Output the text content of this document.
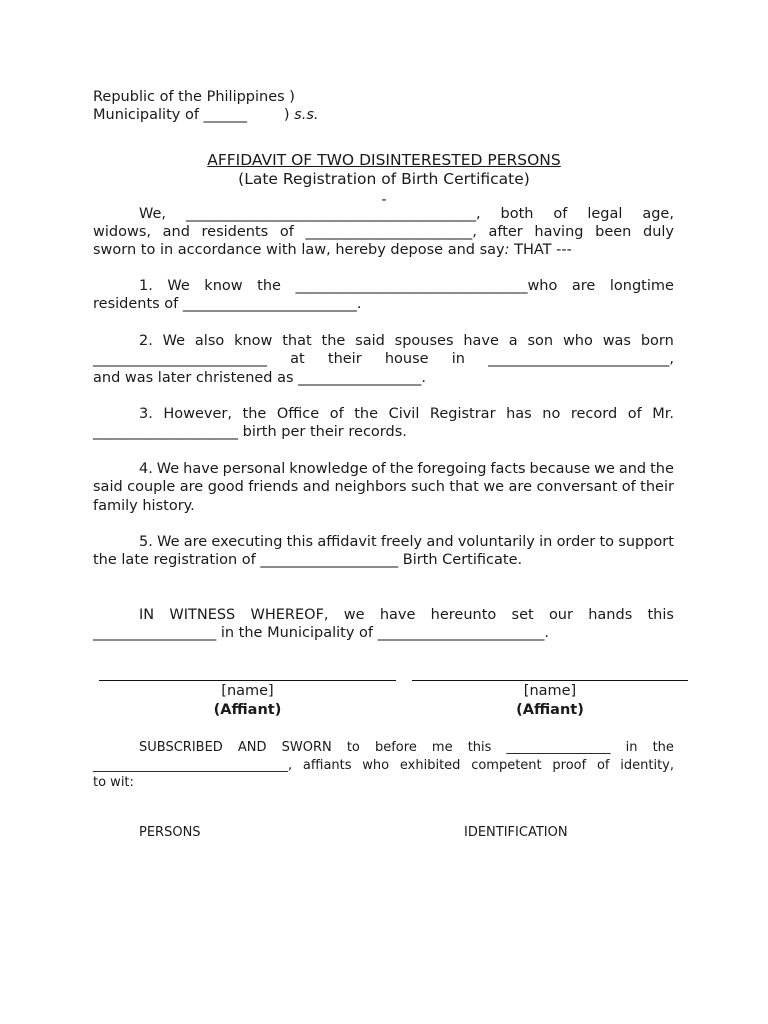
Republic of the Philippines )
Municipality of ______        ) s.s.
AFFIDAVIT OF TWO DISINTERESTED PERSONS
(Late Registration of Birth Certificate)
-
We, ________________________________________, both of legal age,
widows, and residents of _______________________, after having been duly
sworn to in accordance with law, hereby depose and say: THAT ---
1. We know the ________________________________who are longtime
residents of ________________________.
2. We also know that the said spouses have a son who was born
________________________ at their house in _________________________,
and was later christened as _________________.
3. However, the Office of the Civil Registrar has no record of Mr.
____________________ birth per their records.
4. We have personal knowledge of the foregoing facts because we and the
said couple are good friends and neighbors such that we are conversant of their
family history.
5. We are executing this affidavit freely and voluntarily in order to support
the late registration of ___________________ Birth Certificate.
IN WITNESS WHEREOF, we have hereunto set our hands this
_________________ in the Municipality of _______________________.
[name]
(Affiant)
[name]
(Affiant)
SUBSCRIBED AND SWORN to before me this ________________ in the
______________________________, affiants who exhibited competent proof of identity,
to wit:
PERSONS	IDENTIFICATION
